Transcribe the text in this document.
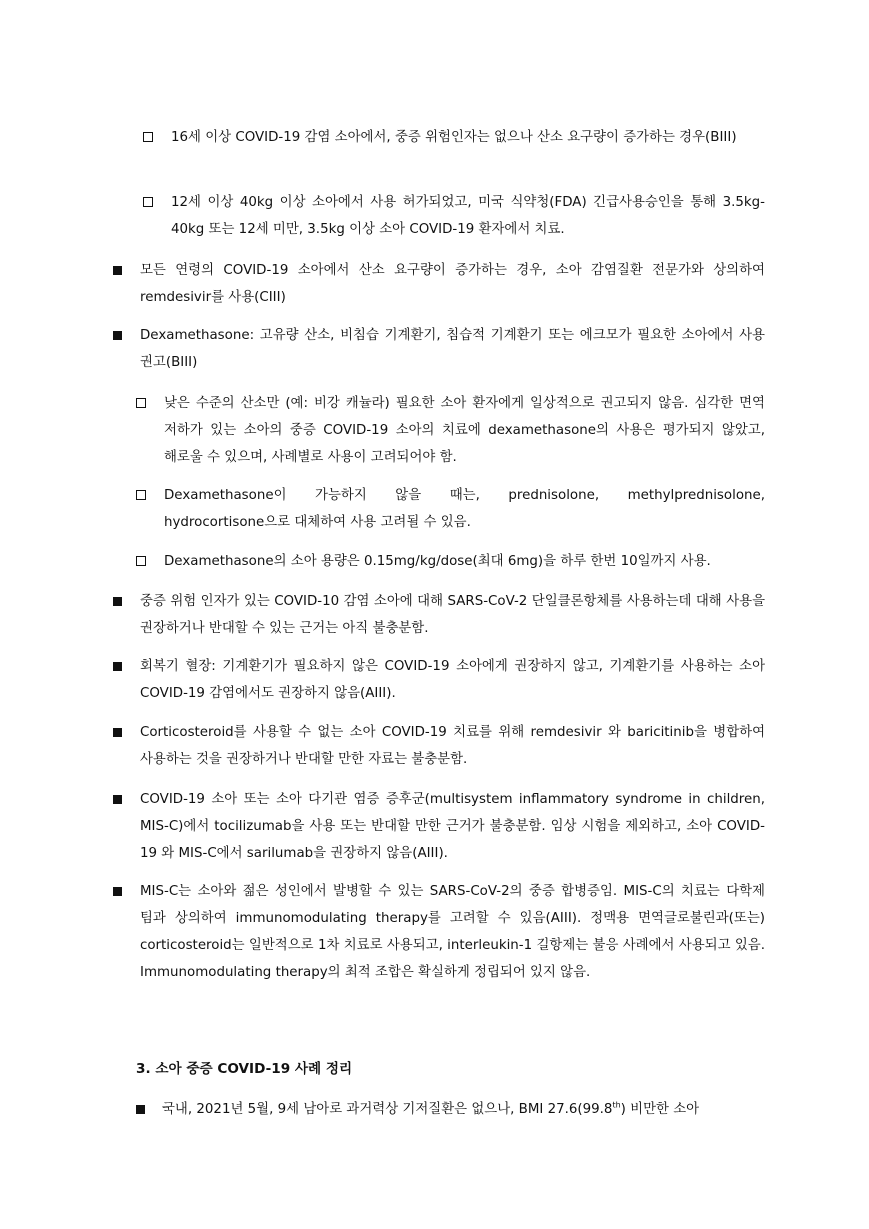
16세 이상 COVID-19 감염 소아에서, 중증 위험인자는 없으나 산소 요구량이 증가하는 경우(BIII)
12세 이상 40kg 이상 소아에서 사용 허가되었고, 미국 식약청(FDA) 긴급사용승인을 통해 3.5kg-40kg 또는 12세 미만, 3.5kg 이상 소아 COVID-19 환자에서 치료.
모든 연령의 COVID-19 소아에서 산소 요구량이 증가하는 경우, 소아 감염질환 전문가와 상의하여 remdesivir를 사용(CIII)
Dexamethasone: 고유량 산소, 비침습 기계환기, 침습적 기계환기 또는 에크모가 필요한 소아에서 사용 권고(BIII)
낮은 수준의 산소만 (예: 비강 캐뉼라) 필요한 소아 환자에게 일상적으로 권고되지 않음. 심각한 면역 저하가 있는 소아의 중증 COVID-19 소아의 치료에 dexamethasone의 사용은 평가되지 않았고, 해로울 수 있으며, 사례별로 사용이 고려되어야 함.
Dexamethasone이 가능하지 않을 때는, prednisolone, methylprednisolone, hydrocortisone으로 대체하여 사용 고려될 수 있음.
Dexamethasone의 소아 용량은 0.15mg/kg/dose(최대 6mg)을 하루 한번 10일까지 사용.
중증 위험 인자가 있는 COVID-10 감염 소아에 대해 SARS-CoV-2 단일클론항체를 사용하는데 대해 사용을 권장하거나 반대할 수 있는 근거는 아직 불충분함.
회복기 혈장: 기계환기가 필요하지 않은 COVID-19 소아에게 권장하지 않고, 기계환기를 사용하는 소아 COVID-19 감염에서도 권장하지 않음(AIII).
Corticosteroid를 사용할 수 없는 소아 COVID-19 치료를 위해 remdesivir 와 baricitinib을 병합하여 사용하는 것을 권장하거나 반대할 만한 자료는 불충분함.
COVID-19 소아 또는 소아 다기관 염증 증후군(multisystem inflammatory syndrome in children, MIS-C)에서 tocilizumab을 사용 또는 반대할 만한 근거가 불충분함. 임상 시험을 제외하고, 소아 COVID-19 와 MIS-C에서 sarilumab을 권장하지 않음(AIII).
MIS-C는 소아와 젊은 성인에서 발병할 수 있는 SARS-CoV-2의 중증 합병증임. MIS-C의 치료는 다학제 팀과 상의하여 immunomodulating therapy를 고려할 수 있음(AIII). 정맥용 면역글로불린과(또는) corticosteroid는 일반적으로 1차 치료로 사용되고, interleukin-1 길항제는 불응 사례에서 사용되고 있음. Immunomodulating therapy의 최적 조합은 확실하게 정립되어 있지 않음.
3. 소아 중증 COVID-19 사례 정리
국내, 2021년 5월, 9세 남아로 과거력상 기저질환은 없으나, BMI 27.6(99.8th) 비만한 소아
